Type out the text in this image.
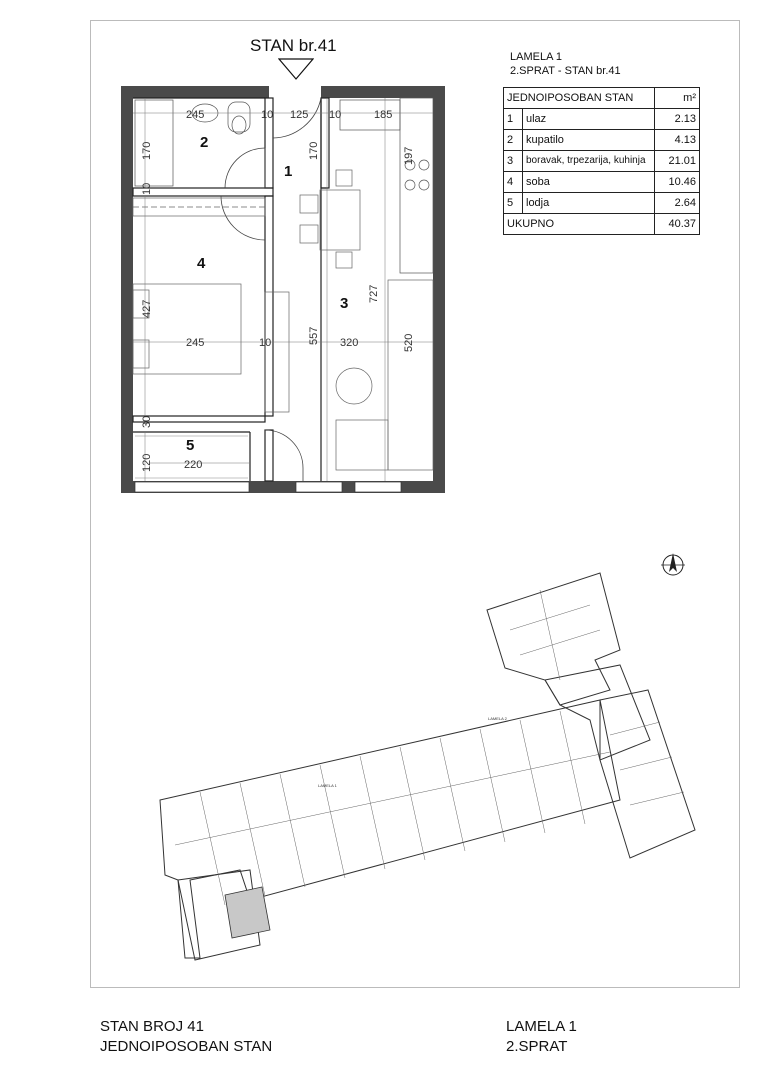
STAN br.41
2
1
3
4
5
245	10 125 10	185
170	170	197
10
427
727
245	10	557 320	520
30
120	220
LAMELA 1
2.SPRAT - STAN br.41
JEDNOIPOSOBAN STAN		m²
1	ulaz	2.13
2	kupatilo	4.13
3	boravak, trpezarija, kuhinja	21.01
4	soba	10.46
5	lodja	2.64
UKUPNO		40.37
LAMELA 1
LAMELA 2
STAN BROJ 41
JEDNOIPOSOBAN STAN
LAMELA 1
2.SPRAT
